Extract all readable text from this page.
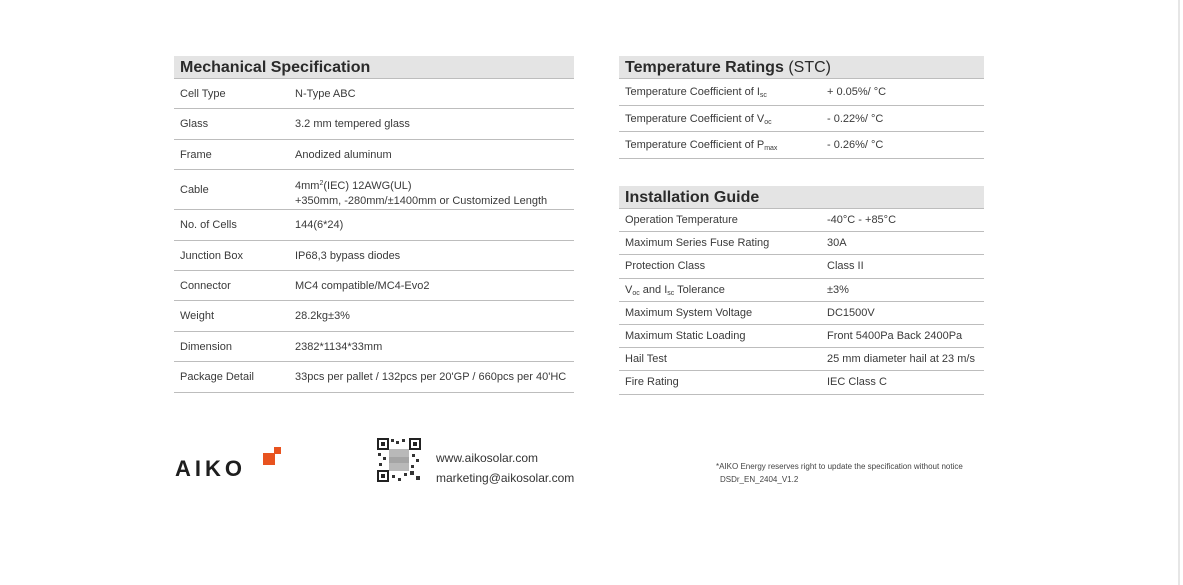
Mechanical Specification
Cell Type	N-Type ABC
Glass	3.2 mm tempered glass
Frame	Anodized aluminum
Cable	$4mm^2(IEC)$ 12AWG(UL)
+350mm, -280mm/±1400mm or Customized Length
No. of Cells	144(6*24)
Junction Box	IP68,3 bypass diodes
Connector	MC4 compatible/MC4-Evo2
Weight	28.2kg±3%
Dimension	2382*1134*33mm
Package Detail	33pcs per pallet / 132pcs per 20'GP / 660pcs per 40'HC
Temperature Ratings (STC)
Temperature Coefficient of $I_{sc}$	+ 0.05%/ °C
Temperature Coefficient of $V_{oc}$	- 0.22%/ °C
Temperature Coefficient of $P_{max}$	- 0.26%/ °C
Installation Guide
Operation Temperature	-40°C - +85°C
Maximum Series Fuse Rating	30A
Protection Class	Class II
$V_{oc}$ and $I_{sc}$ Tolerance	±3%
Maximum System Voltage	DC1500V
Maximum Static Loading	Front 5400Pa Back 2400Pa
Hail Test	25 mm diameter hail at 23 m/s
Fire Rating	IEC Class C
AIKO	www.aikosolar.com
marketing@aikosolar.com
*AIKO Energy reserves right to update the specification without notice
DSDr_EN_2404_V1.2
